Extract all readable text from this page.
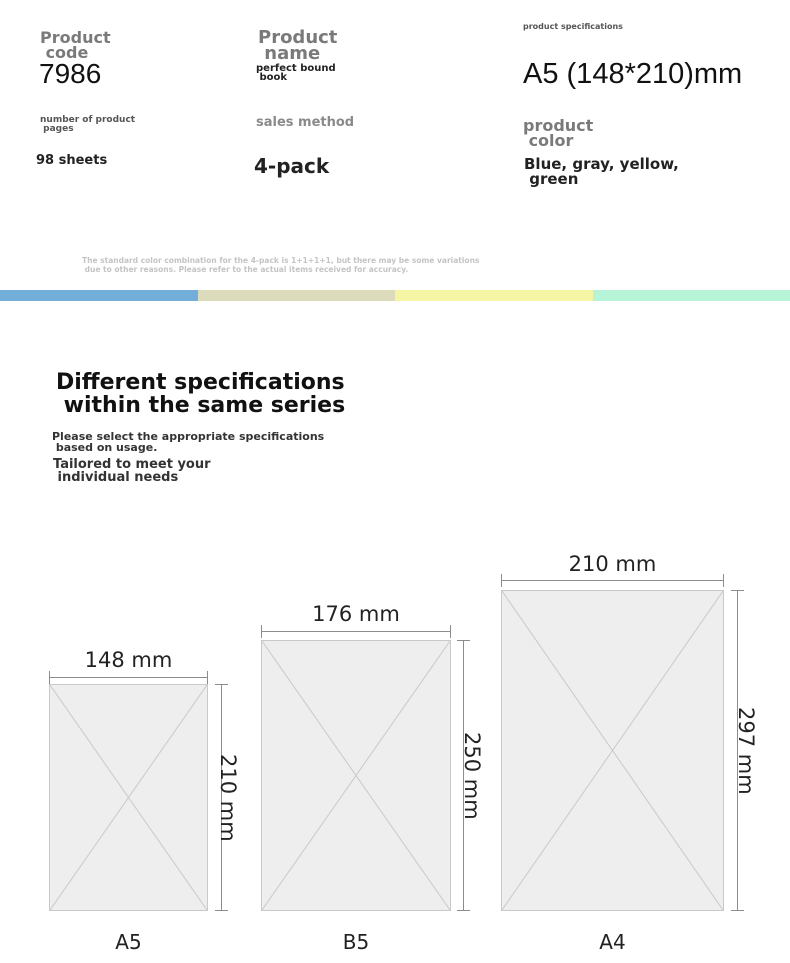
Product
code
7986
Product
name
perfect bound
book
product specifications
A5 (148*210)mm
number of product
pages
98 sheets
sales method
4-pack
product
color
Blue, gray, yellow,
green
The standard color combination for the 4-pack is 1+1+1+1, but there may be some variations
due to other reasons. Please refer to the actual items received for accuracy.
Different specifications
within the same series
Please select the appropriate specifications
based on usage.
Tailored to meet your
individual needs
148 mm
210 mm
A5
176 mm
250 mm
B5
210 mm
297 mm
A4
